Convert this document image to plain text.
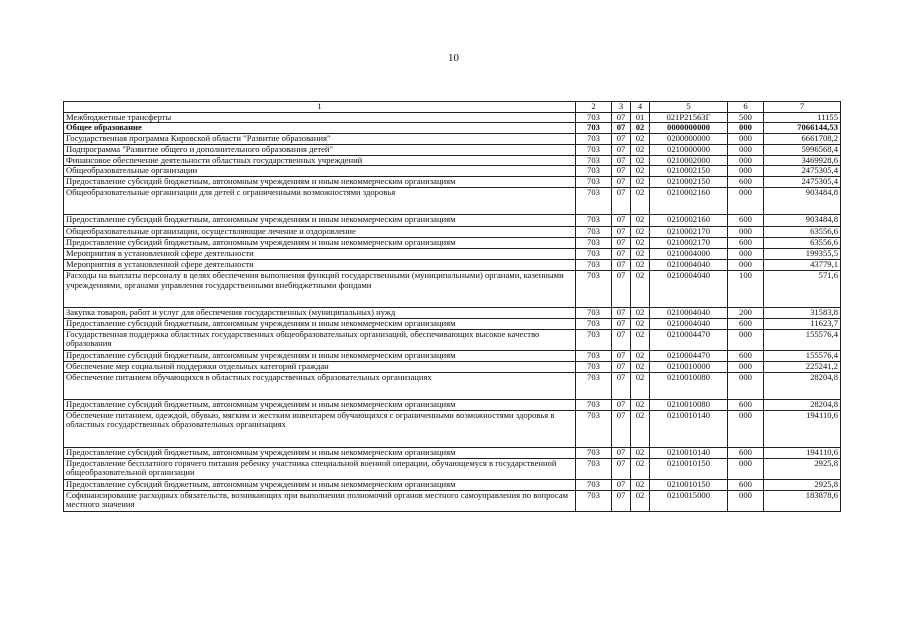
10
1	2	3	4	5	6	7
Межбюджетные трансферты	703	07	01	021Р21563Г	500	11155
Общее образование	703	07	02	0000000000	000	7066144,53
Государственная программа Кировской области "Развитие образования"	703	07	02	0200000000	000	6661708,2
Подпрограмма "Развитие общего и дополнительного образования детей"	703	07	02	0210000000	000	5996568,4
Финансовое обеспечение деятельности областных государственных учреждений	703	07	02	0210002000	000	3469928,6
Общеобразовательные организации	703	07	02	0210002150	000	2475305,4
Предоставление субсидий бюджетным, автономным учреждениям и иным некоммерческим организациям	703	07	02	0210002150	600	2475305,4
Общеобразовательные организации для детей с ограниченными возможностями здоровья	703	07	02	0210002160	000	903484,8
Предоставление субсидий бюджетным, автономным учреждениям и иным некоммерческим организациям	703	07	02	0210002160	600	903484,8
Общеобразовательные организации, осуществляющие лечение и оздоровление	703	07	02	0210002170	000	63556,6
Предоставление субсидий бюджетным, автономным учреждениям и иным некоммерческим организациям	703	07	02	0210002170	600	63556,6
Мероприятия в установленной сфере деятельности	703	07	02	0210004000	000	199355,5
Мероприятия в установленной сфере деятельности	703	07	02	0210004040	000	43779,1
Расходы на выплаты персоналу в целях обеспечения выполнения функций государственными (муниципальными) органами, казенными учреждениями, органами управления государственными внебюджетными фондами	703	07	02	0210004040	100	571,6
Закупка товаров, работ и услуг для обеспечения государственных (муниципальных) нужд	703	07	02	0210004040	200	31583,8
Предоставление субсидий бюджетным, автономным учреждениям и иным некоммерческим организациям	703	07	02	0210004040	600	11623,7
Государственная поддержка областных государственных общеобразовательных организаций, обеспечивающих высокое качество образования	703	07	02	0210004470	000	155576,4
Предоставление субсидий бюджетным, автономным учреждениям и иным некоммерческим организациям	703	07	02	0210004470	600	155576,4
Обеспечение мер социальной поддержки отдельных категорий граждан	703	07	02	0210010000	000	225241,2
Обеспечение питанием обучающихся в областных государственных образовательных организациях	703	07	02	0210010080	000	28204,8
Предоставление субсидий бюджетным, автономным учреждениям и иным некоммерческим организациям	703	07	02	0210010080	600	28204,8
Обеспечение питанием, одеждой, обувью, мягким и жестким инвентарем обучающихся с ограниченными возможностями здоровья в областных государственных образовательных организациях	703	07	02	0210010140	000	194110,6
Предоставление субсидий бюджетным, автономным учреждениям и иным некоммерческим организациям	703	07	02	0210010140	600	194110,6
Предоставление бесплатного горячего питания ребенку участника специальной военной операции, обучающемуся в государственной общеобразовательной организации	703	07	02	0210010150	000	2925,8
Предоставление субсидий бюджетным, автономным учреждениям и иным некоммерческим организациям	703	07	02	0210010150	600	2925,8
Софинансирование расходных обязательств, возникающих при выполнении полномочий органов местного самоуправления по вопросам местного значения	703	07	02	0210015000	000	183878,6
